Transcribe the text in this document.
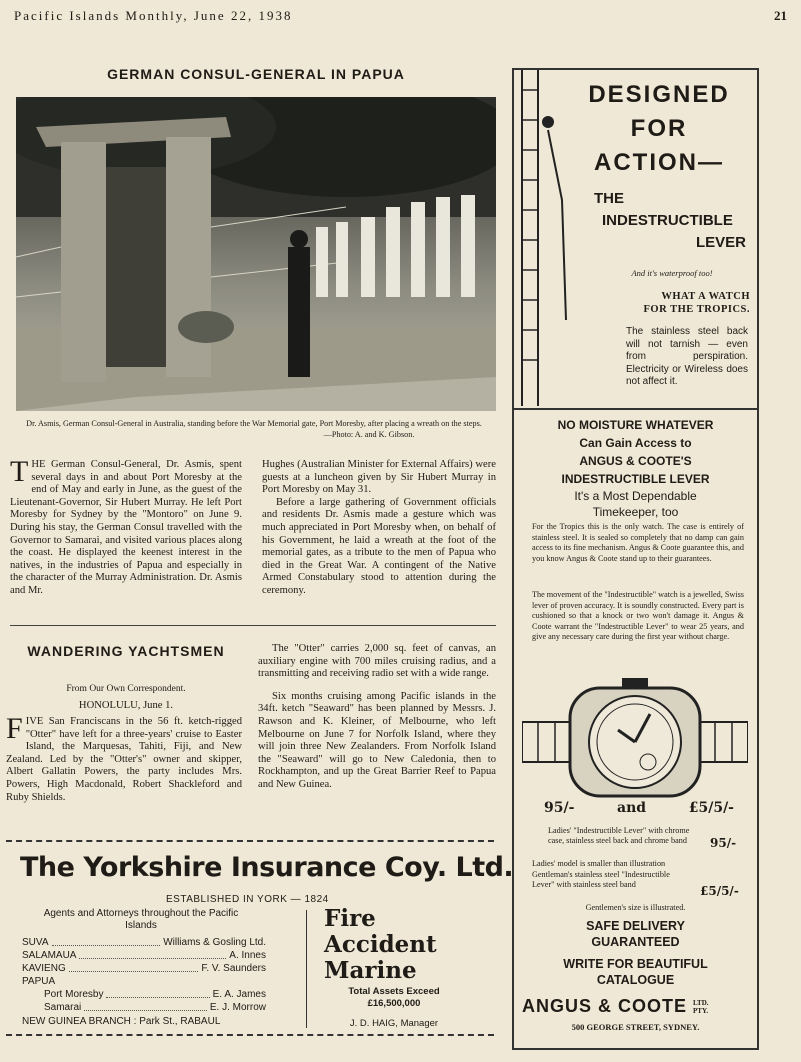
Pacific Islands Monthly, June 22, 1938	21
GERMAN CONSUL-GENERAL IN PAPUA
Dr. Asmis, German Consul-General in Australia, standing before the War Memorial gate, Port Moresby, after placing a wreath on the steps.
—Photo: A. and K. Gibson.
THE German Consul-General, Dr. Asmis, spent several days in and about Port Moresby at the end of May and early in June, as the guest of the Lieutenant-Governor, Sir Hubert Murray. He left Port Moresby for Sydney by the "Montoro" on June 9. During his stay, the German Consul travelled with the Governor to Samarai, and visited various places along the coast. He displayed the keenest interest in the natives, in the industries of Papua and especially in the character of the Murray Administration. Dr. Asmis and Mr.
Hughes (Australian Minister for External Affairs) were guests at a luncheon given by Sir Hubert Murray in Port Moresby on May 31.
Before a large gathering of Government officials and residents Dr. Asmis made a gesture which was much appreciated in Port Moresby when, on behalf of his Government, he laid a wreath at the foot of the memorial gates, as a tribute to the men of Papua who died in the Great War. A contingent of the Native Armed Constabulary stood to attention during the ceremony.
WANDERING YACHTSMEN
From Our Own Correspondent.
HONOLULU, June 1.
FIVE San Franciscans in the 56 ft. ketch-rigged "Otter" have left for a three-years' cruise to Easter Island, the Marquesas, Tahiti, Fiji, and New Zealand. Led by the "Otter's" owner and skipper, Albert Gallatin Powers, the party includes Mrs. Powers, High Macdonald, Robert Shackleford and Ruby Shields.
The "Otter" carries 2,000 sq. feet of canvas, an auxiliary engine with 700 miles cruising radius, and a transmitting and receiving radio set with a wide range.
Six months cruising among Pacific islands in the 34ft. ketch "Seaward" has been planned by Messrs. J. Rawson and K. Kleiner, of Melbourne, who left Melbourne on June 7 for Norfolk Island, where they will join three New Zealanders. From Norfolk Island the "Seaward" will go to New Caledonia, then to Rockhampton, and up the Great Barrier Reef to Papua and New Guinea.
The Yorkshire Insurance Coy. Ltd.
ESTABLISHED IN YORK — 1824
Agents and Attorneys throughout the Pacific Islands
SUVA	Williams & Gosling Ltd.
SALAMAUA	A. Innes
KAVIENG	F. V. Saunders
PAPUA
Port Moresby	E. A. James
Samarai	E. J. Morrow
NEW GUINEA BRANCH : Park St., RABAUL
Fire
Accident
Marine
Total Assets Exceed
£16,500,000
J. D. HAIG, Manager
DESIGNED
FOR
ACTION—
THE
INDESTRUCTIBLE
LEVER
And it's waterproof too!
WHAT A WATCH
FOR THE TROPICS.
The stainless steel back will not tarnish — even from perspiration. Electricity or Wireless does not affect it.
NO MOISTURE WHATEVER
Can Gain Access to
ANGUS & COOTE'S
INDESTRUCTIBLE LEVER
It's a Most Dependable
Timekeeper, too
For the Tropics this is the only watch. The case is entirely of stainless steel. It is sealed so completely that no damp can gain access to its fine mechanism. Angus & Coote guarantee this, and you know Angus & Coote stand up to their guarantees.
The movement of the "Indestructible" watch is a jewelled, Swiss lever of proven accuracy. It is soundly constructed. Every part is cushioned so that a knock or two won't damage it. Angus & Coote warrant the "Indestructible Lever" to wear 25 years, and give any necessary care during the first year without charge.
95/-	and	£5/5/-
Ladies' "Indestructible Lever" with chrome case, stainless steel back and chrome band	95/-
Ladies' model is smaller than illustration
Gentleman's stainless steel "Indestructible Lever" with stainless steel band	£5/5/-
Gentlemen's size is illustrated.
SAFE DELIVERY
GUARANTEED
WRITE FOR BEAUTIFUL
CATALOGUE
ANGUS & COOTE LTD.
PTY.
500 GEORGE STREET, SYDNEY.
